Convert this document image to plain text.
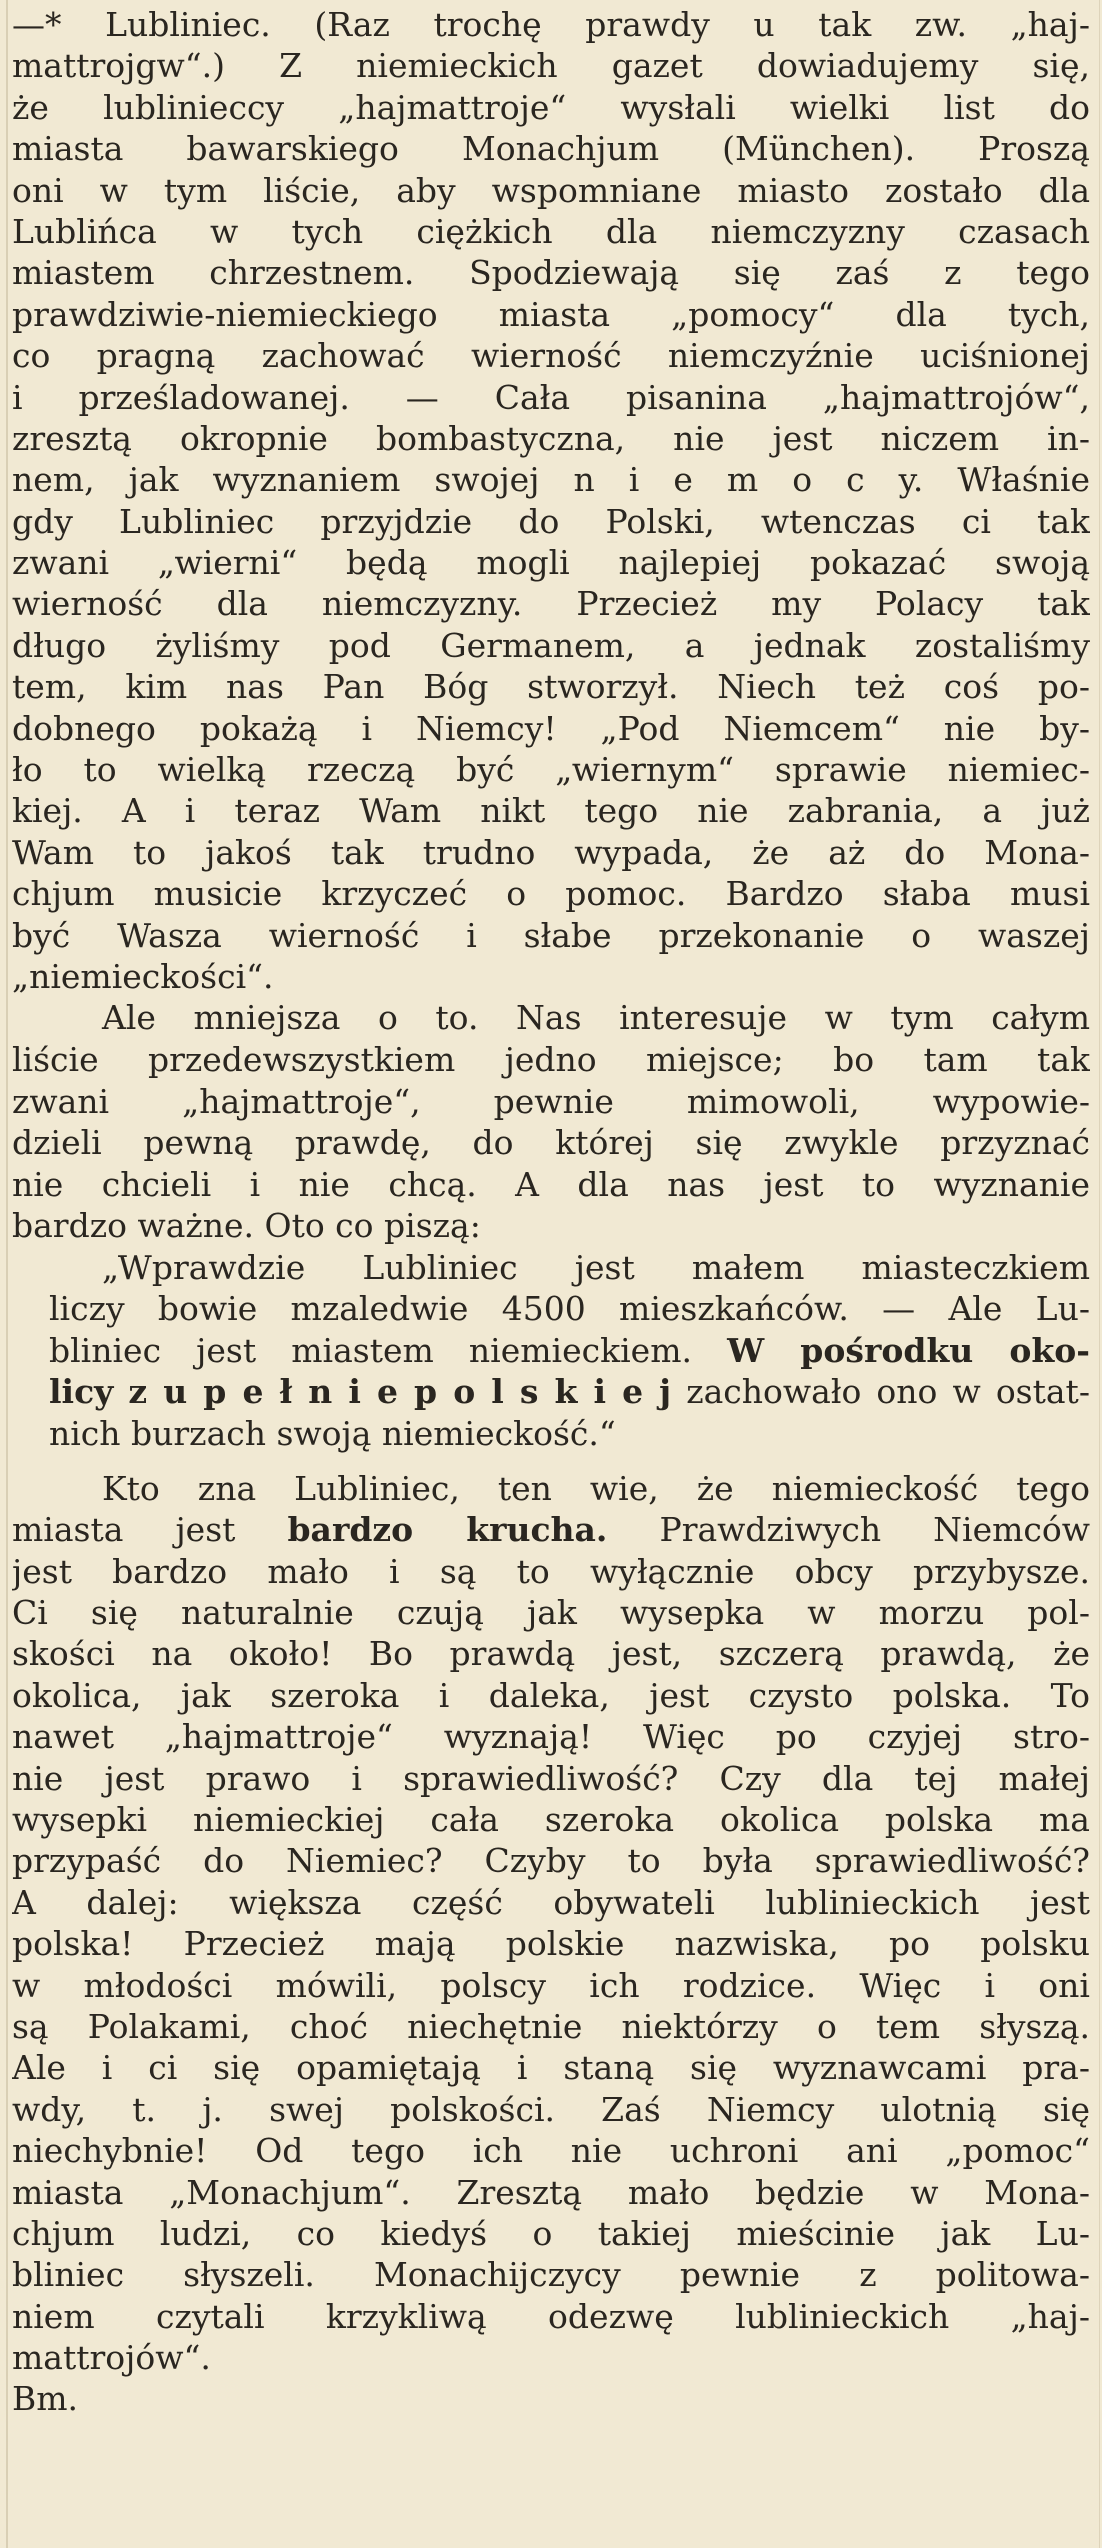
—* Lubliniec. (Raz trochę prawdy u tak zw. „haj-
mattrojgw“.) Z niemieckich gazet dowiadujemy się,
że lublinieccy „hajmattroje“ wysłali wielki list do
miasta bawarskiego Monachjum (München). Proszą
oni w tym liście, aby wspomniane miasto zostało dla
Lublińca w tych ciężkich dla niemczyzny czasach
miastem chrzestnem. Spodziewają się zaś z tego
prawdziwie-niemieckiego miasta „pomocy“ dla tych,
co pragną zachować wierność niemczyźnie uciśnionej
i prześladowanej. — Cała pisanina „hajmattrojów“,
zresztą okropnie bombastyczna, nie jest niczem in-
nem, jak wyznaniem swojej n i e m o c y. Właśnie
gdy Lubliniec przyjdzie do Polski, wtenczas ci tak
zwani „wierni“ będą mogli najlepiej pokazać swoją
wierność dla niemczyzny. Przecież my Polacy tak
długo żyliśmy pod Germanem, a jednak zostaliśmy
tem, kim nas Pan Bóg stworzył. Niech też coś po-
dobnego pokażą i Niemcy! „Pod Niemcem“ nie by-
ło to wielką rzeczą być „wiernym“ sprawie niemiec-
kiej. A i teraz Wam nikt tego nie zabrania, a już
Wam to jakoś tak trudno wypada, że aż do Mona-
chjum musicie krzyczeć o pomoc. Bardzo słaba musi
być Wasza wierność i słabe przekonanie o waszej
„niemieckości“.
Ale mniejsza o to. Nas interesuje w tym całym
liście przedewszystkiem jedno miejsce; bo tam tak
zwani „hajmattroje“, pewnie mimowoli, wypowie-
dzieli pewną prawdę, do której się zwykle przyznać
nie chcieli i nie chcą. A dla nas jest to wyznanie
bardzo ważne. Oto co piszą:
„Wprawdzie Lubliniec jest małem miasteczkiem
liczy bowie mzaledwie 4500 mieszkańców. — Ale Lu-
bliniec jest miastem niemieckiem. W pośrodku oko-
licy z u p e ł n i e p o l s k i e j zachowało ono w ostat-
nich burzach swoją niemieckość.“
Kto zna Lubliniec, ten wie, że niemieckość tego
miasta jest bardzo krucha. Prawdziwych Niemców
jest bardzo mało i są to wyłącznie obcy przybysze.
Ci się naturalnie czują jak wysepka w morzu pol-
skości na około! Bo prawdą jest, szczerą prawdą, że
okolica, jak szeroka i daleka, jest czysto polska. To
nawet „hajmattroje“ wyznają! Więc po czyjej stro-
nie jest prawo i sprawiedliwość? Czy dla tej małej
wysepki niemieckiej cała szeroka okolica polska ma
przypaść do Niemiec? Czyby to była sprawiedliwość?
A dalej: większa część obywateli lublinieckich jest
polska! Przecież mają polskie nazwiska, po polsku
w młodości mówili, polscy ich rodzice. Więc i oni
są Polakami, choć niechętnie niektórzy o tem słyszą.
Ale i ci się opamiętają i staną się wyznawcami pra-
wdy, t. j. swej polskości. Zaś Niemcy ulotnią się
niechybnie! Od tego ich nie uchroni ani „pomoc“
miasta „Monachjum“. Zresztą mało będzie w Mona-
chjum ludzi, co kiedyś o takiej mieścinie jak Lu-
bliniec słyszeli. Monachijczycy pewnie z politowa-
niem czytali krzykliwą odezwę lublinieckich „haj-
mattrojów“.
Bm.
